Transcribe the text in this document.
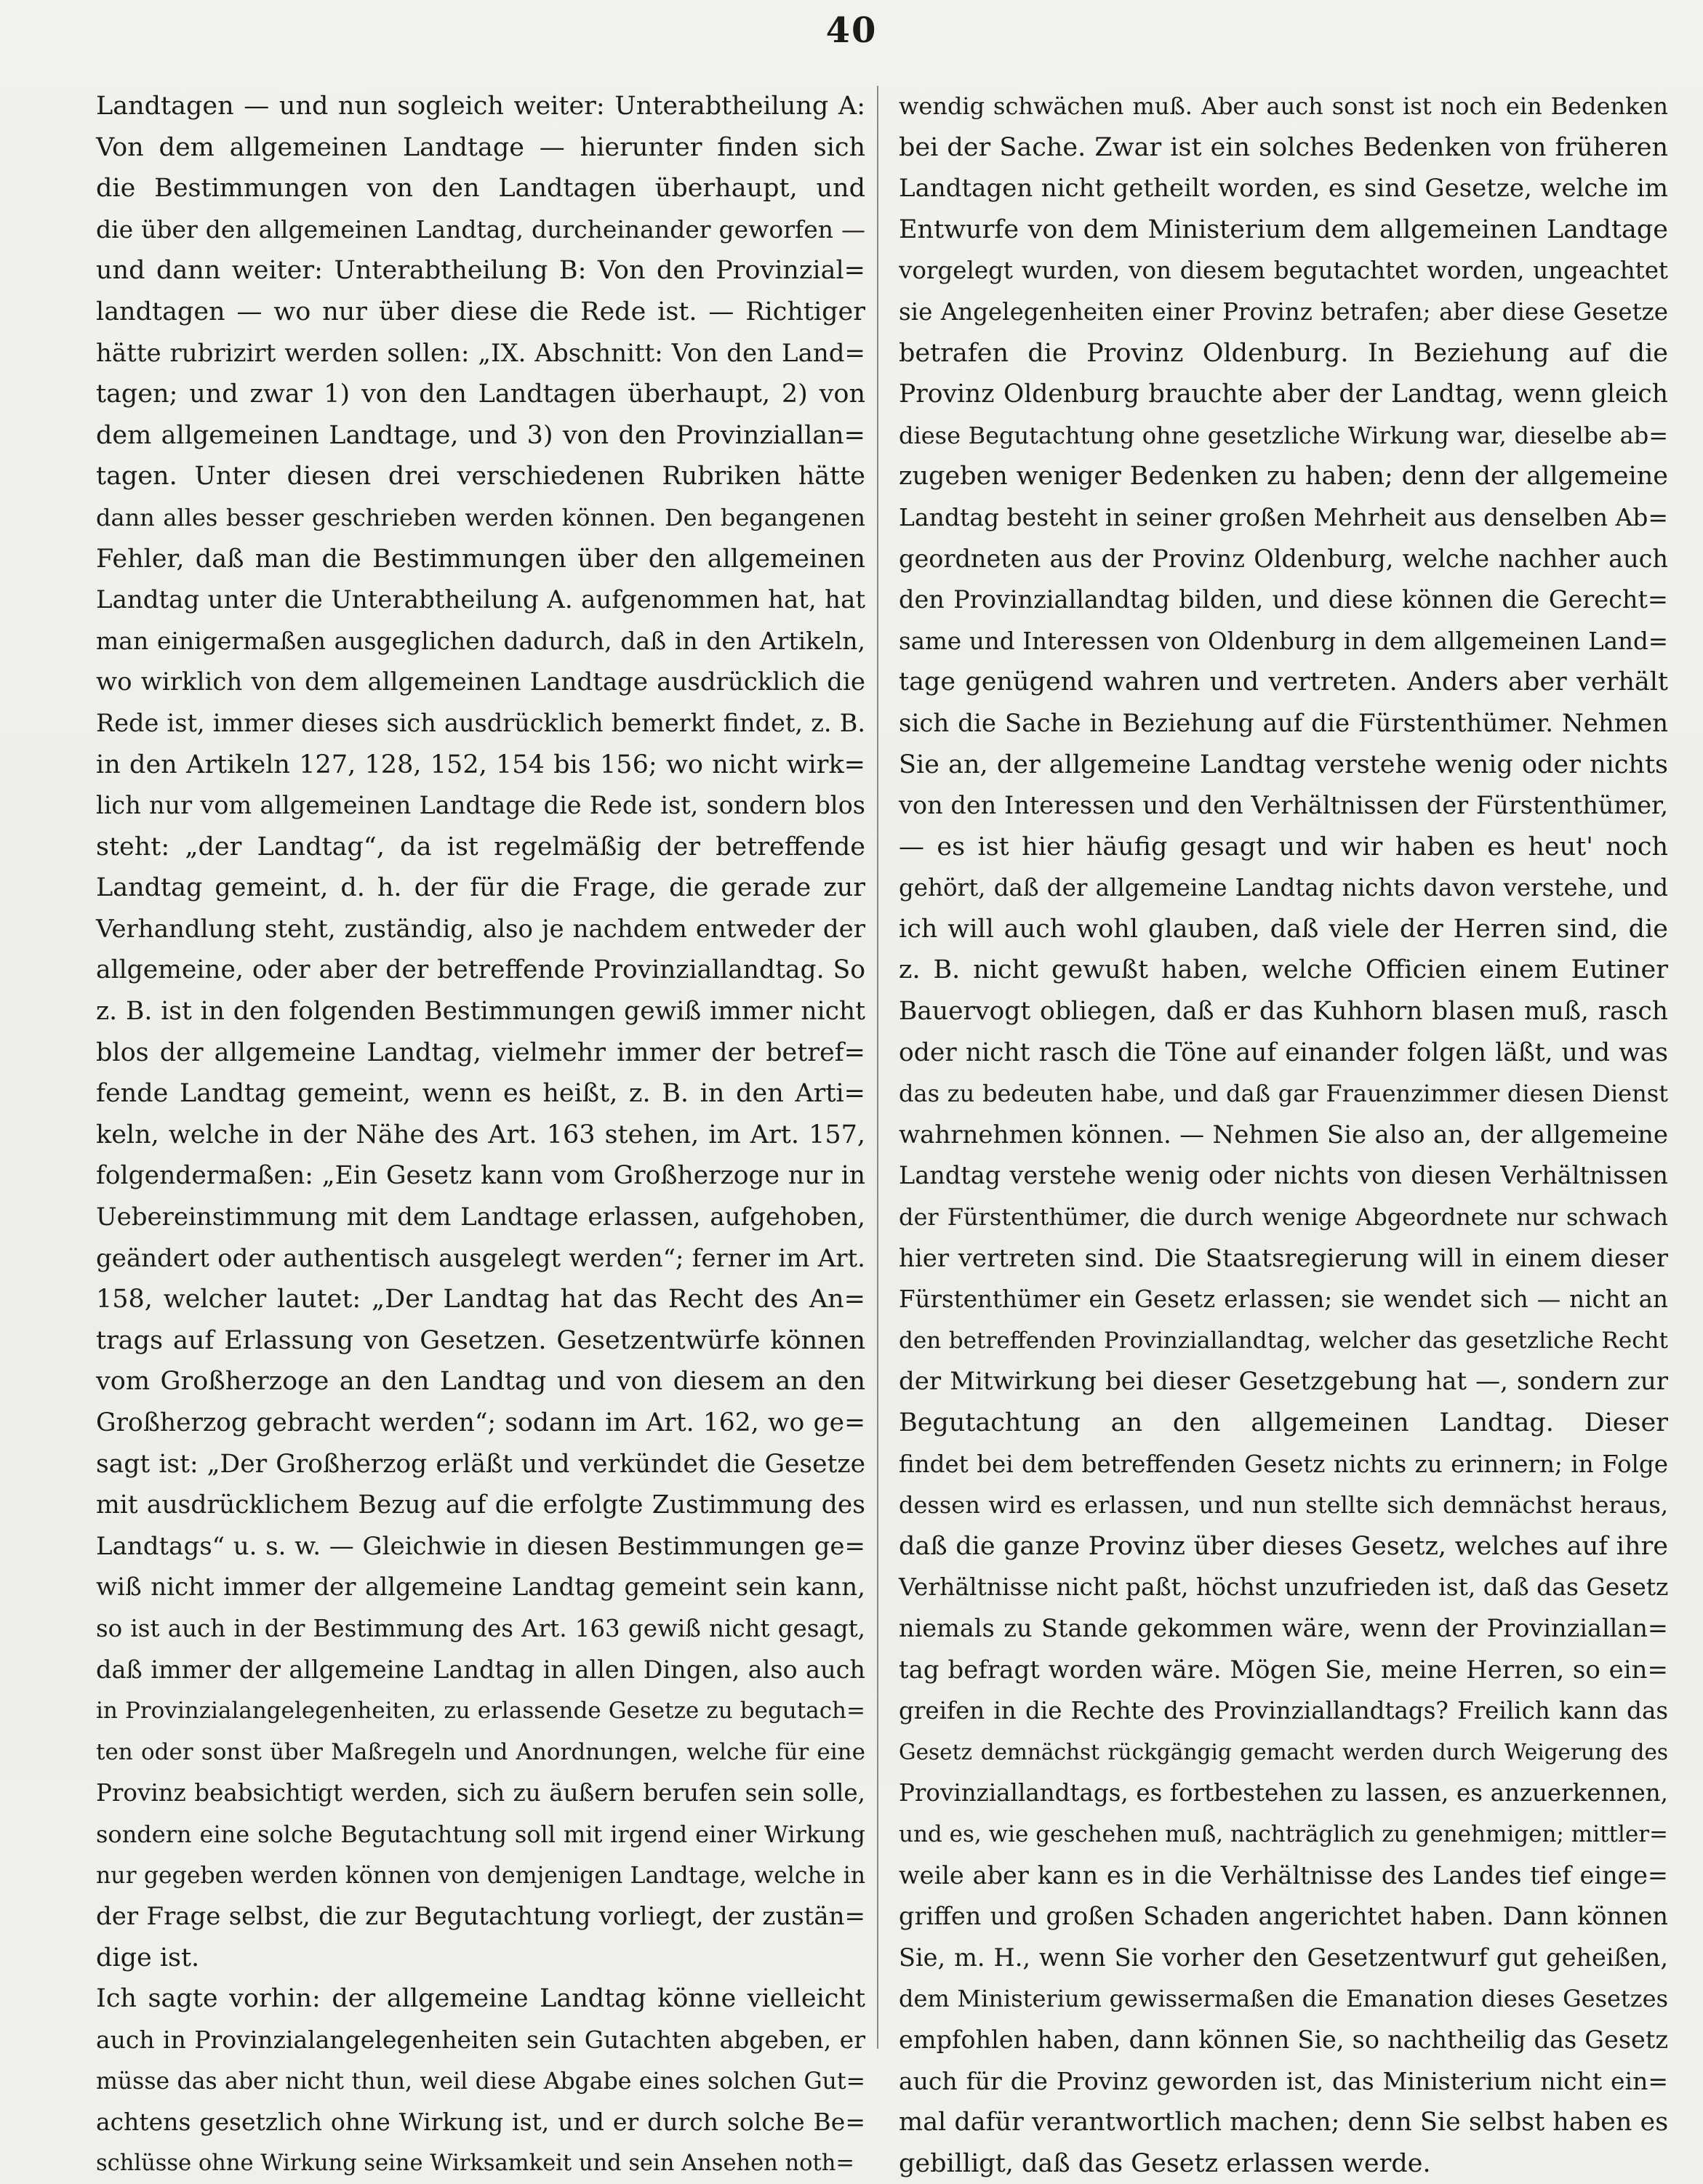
40
Landtagen — und nun sogleich weiter: Unterabtheilung A:
Von dem allgemeinen Landtage — hierunter finden sich
die Bestimmungen von den Landtagen überhaupt, und
die über den allgemeinen Landtag, durcheinander geworfen —
und dann weiter: Unterabtheilung B: Von den Provinzial=
landtagen — wo nur über diese die Rede ist. — Richtiger
hätte rubrizirt werden sollen: „IX. Abschnitt: Von den Land=
tagen; und zwar 1) von den Landtagen überhaupt, 2) von
dem allgemeinen Landtage, und 3) von den Provinziallan=
tagen. Unter diesen drei verschiedenen Rubriken hätte
dann alles besser geschrieben werden können. Den begangenen
Fehler, daß man die Bestimmungen über den allgemeinen
Landtag unter die Unterabtheilung A. aufgenommen hat, hat
man einigermaßen ausgeglichen dadurch, daß in den Artikeln,
wo wirklich von dem allgemeinen Landtage ausdrücklich die
Rede ist, immer dieses sich ausdrücklich bemerkt findet, z. B.
in den Artikeln 127, 128, 152, 154 bis 156; wo nicht wirk=
lich nur vom allgemeinen Landtage die Rede ist, sondern blos
steht: „der Landtag“, da ist regelmäßig der betreffende
Landtag gemeint, d. h. der für die Frage, die gerade zur
Verhandlung steht, zuständig, also je nachdem entweder der
allgemeine, oder aber der betreffende Provinziallandtag. So
z. B. ist in den folgenden Bestimmungen gewiß immer nicht
blos der allgemeine Landtag, vielmehr immer der betref=
fende Landtag gemeint, wenn es heißt, z. B. in den Arti=
keln, welche in der Nähe des Art. 163 stehen, im Art. 157,
folgendermaßen: „Ein Gesetz kann vom Großherzoge nur in
Uebereinstimmung mit dem Landtage erlassen, aufgehoben,
geändert oder authentisch ausgelegt werden“; ferner im Art.
158, welcher lautet: „Der Landtag hat das Recht des An=
trags auf Erlassung von Gesetzen. Gesetzentwürfe können
vom Großherzoge an den Landtag und von diesem an den
Großherzog gebracht werden“; sodann im Art. 162, wo ge=
sagt ist: „Der Großherzog erläßt und verkündet die Gesetze
mit ausdrücklichem Bezug auf die erfolgte Zustimmung des
Landtags“ u. s. w. — Gleichwie in diesen Bestimmungen ge=
wiß nicht immer der allgemeine Landtag gemeint sein kann,
so ist auch in der Bestimmung des Art. 163 gewiß nicht gesagt,
daß immer der allgemeine Landtag in allen Dingen, also auch
in Provinzialangelegenheiten, zu erlassende Gesetze zu begutach=
ten oder sonst über Maßregeln und Anordnungen, welche für eine
Provinz beabsichtigt werden, sich zu äußern berufen sein solle,
sondern eine solche Begutachtung soll mit irgend einer Wirkung
nur gegeben werden können von demjenigen Landtage, welche in
der Frage selbst, die zur Begutachtung vorliegt, der zustän=
dige ist.
Ich sagte vorhin: der allgemeine Landtag könne vielleicht
auch in Provinzialangelegenheiten sein Gutachten abgeben, er
müsse das aber nicht thun, weil diese Abgabe eines solchen Gut=
achtens gesetzlich ohne Wirkung ist, und er durch solche Be=
schlüsse ohne Wirkung seine Wirksamkeit und sein Ansehen noth=
wendig schwächen muß. Aber auch sonst ist noch ein Bedenken
bei der Sache. Zwar ist ein solches Bedenken von früheren
Landtagen nicht getheilt worden, es sind Gesetze, welche im
Entwurfe von dem Ministerium dem allgemeinen Landtage
vorgelegt wurden, von diesem begutachtet worden, ungeachtet
sie Angelegenheiten einer Provinz betrafen; aber diese Gesetze
betrafen die Provinz Oldenburg. In Beziehung auf die
Provinz Oldenburg brauchte aber der Landtag, wenn gleich
diese Begutachtung ohne gesetzliche Wirkung war, dieselbe ab=
zugeben weniger Bedenken zu haben; denn der allgemeine
Landtag besteht in seiner großen Mehrheit aus denselben Ab=
geordneten aus der Provinz Oldenburg, welche nachher auch
den Provinziallandtag bilden, und diese können die Gerecht=
same und Interessen von Oldenburg in dem allgemeinen Land=
tage genügend wahren und vertreten. Anders aber verhält
sich die Sache in Beziehung auf die Fürstenthümer. Nehmen
Sie an, der allgemeine Landtag verstehe wenig oder nichts
von den Interessen und den Verhältnissen der Fürstenthümer,
— es ist hier häufig gesagt und wir haben es heut' noch
gehört, daß der allgemeine Landtag nichts davon verstehe, und
ich will auch wohl glauben, daß viele der Herren sind, die
z. B. nicht gewußt haben, welche Officien einem Eutiner
Bauervogt obliegen, daß er das Kuhhorn blasen muß, rasch
oder nicht rasch die Töne auf einander folgen läßt, und was
das zu bedeuten habe, und daß gar Frauenzimmer diesen Dienst
wahrnehmen können. — Nehmen Sie also an, der allgemeine
Landtag verstehe wenig oder nichts von diesen Verhältnissen
der Fürstenthümer, die durch wenige Abgeordnete nur schwach
hier vertreten sind. Die Staatsregierung will in einem dieser
Fürstenthümer ein Gesetz erlassen; sie wendet sich — nicht an
den betreffenden Provinziallandtag, welcher das gesetzliche Recht
der Mitwirkung bei dieser Gesetzgebung hat —, sondern zur
Begutachtung an den allgemeinen Landtag. Dieser
findet bei dem betreffenden Gesetz nichts zu erinnern; in Folge
dessen wird es erlassen, und nun stellte sich demnächst heraus,
daß die ganze Provinz über dieses Gesetz, welches auf ihre
Verhältnisse nicht paßt, höchst unzufrieden ist, daß das Gesetz
niemals zu Stande gekommen wäre, wenn der Provinziallan=
tag befragt worden wäre. Mögen Sie, meine Herren, so ein=
greifen in die Rechte des Provinziallandtags? Freilich kann das
Gesetz demnächst rückgängig gemacht werden durch Weigerung des
Provinziallandtags, es fortbestehen zu lassen, es anzuerkennen,
und es, wie geschehen muß, nachträglich zu genehmigen; mittler=
weile aber kann es in die Verhältnisse des Landes tief einge=
griffen und großen Schaden angerichtet haben. Dann können
Sie, m. H., wenn Sie vorher den Gesetzentwurf gut geheißen,
dem Ministerium gewissermaßen die Emanation dieses Gesetzes
empfohlen haben, dann können Sie, so nachtheilig das Gesetz
auch für die Provinz geworden ist, das Ministerium nicht ein=
mal dafür verantwortlich machen; denn Sie selbst haben es
gebilligt, daß das Gesetz erlassen werde.
